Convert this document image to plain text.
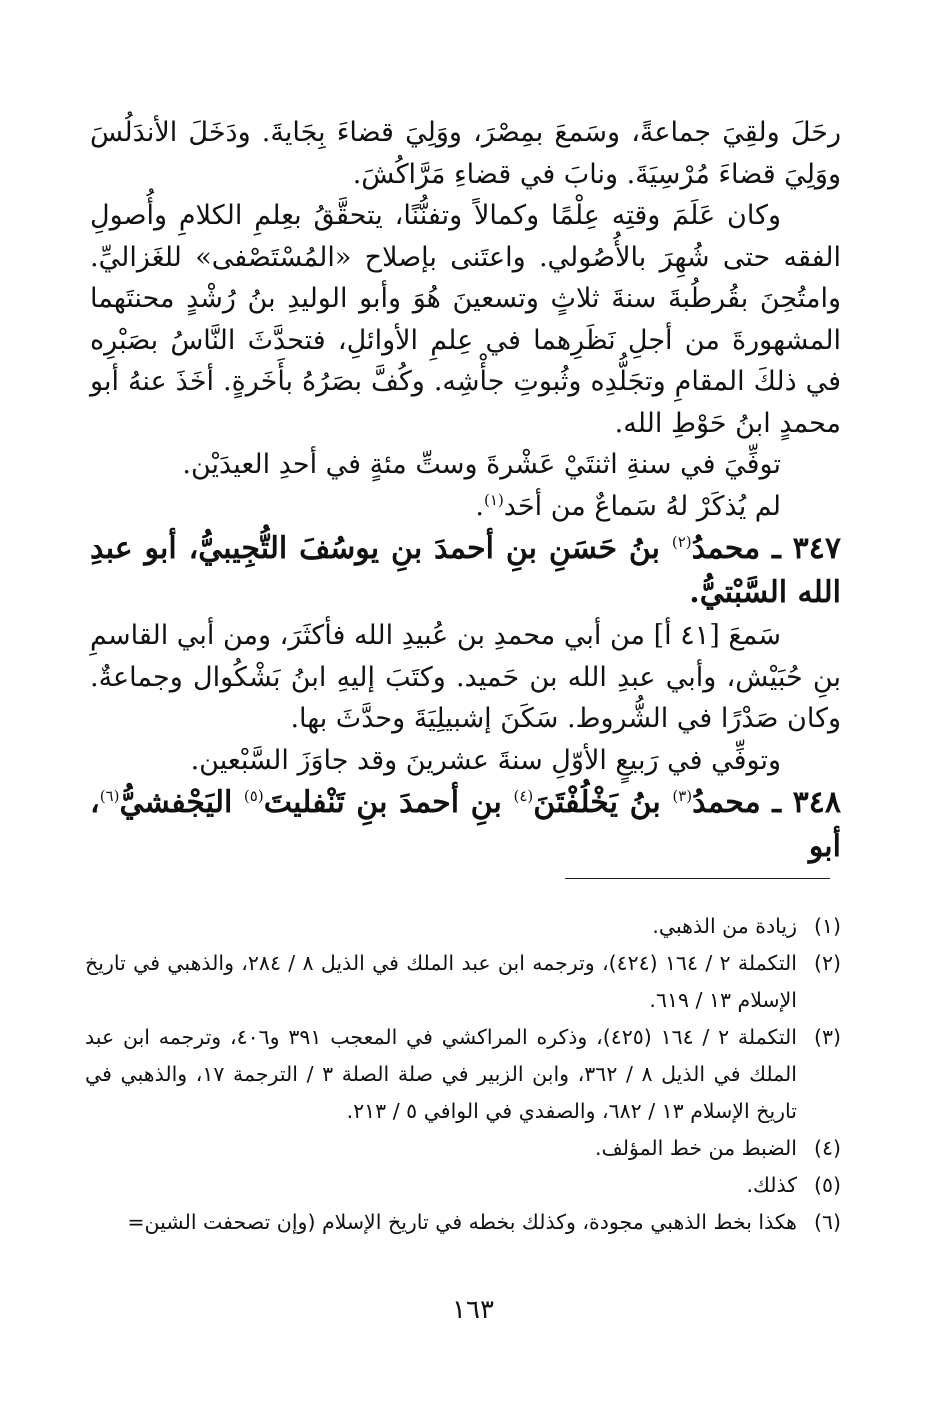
رحَلَ ولقِيَ جماعةً، وسَمعَ بمِصْرَ، ووَلِيَ قضاءَ بِجَايةَ. ودَخَلَ الأندَلُسَ ووَلِيَ قضاءَ مُرْسِيَةَ. ونابَ في قضاءِ مَرَّاكُشَ.

وكان عَلَمَ وقتِه عِلْمًا وكمالاً وتفنُّنًا، يتحقَّقُ بعِلمِ الكلامِ وأُصولِ الفقه حتى شُهِرَ بالأُصُولي. واعتَنى بإصلاح «المُسْتَصْفى» للغَزاليِّ. وامتُحِنَ بقُرطُبةَ سنةَ ثلاثٍ وتسعينَ هُوَ وأبو الوليدِ بنُ رُشْدٍ محنتَهما المشهورةَ من أجلِ نَظَرِهما في عِلمِ الأوائلِ، فتحدَّثَ النَّاسُ بصَبْرِه في ذلكَ المقامِ وتجَلُّدِه وثُبوتِ جأْشِه. وكُفَّ بصَرُهُ بأَخَرةٍ. أخَذَ عنهُ أبو محمدٍ ابنُ حَوْطِ الله.

توفِّيَ في سنةِ اثنتَيْ عَشْرةَ وستِّ مئةٍ في أحدِ العيدَيْن.

لم يُذكَرْ لهُ سَماعٌ من أحَد$^{(١)}$.

٣٤٧ ـ محمدُ$^{(٢)}$ بنُ حَسَنِ بنِ أحمدَ بنِ يوسُفَ التُّجِيبيُّ، أبو عبدِ الله السَّبْتيُّ.

سَمعَ [٤١ أ] من أبي محمدِ بن عُبيدِ الله فأكثَرَ، ومن أبي القاسمِ بنِ حُبَيْش، وأبي عبدِ الله بن حَميد. وكتَبَ إليهِ ابنُ بَشْكُوال وجماعةٌ. وكان صَدْرًا في الشُّروط. سَكَنَ إشبيلِيَةَ وحدَّثَ بها.

وتوفِّي في رَبيعٍ الأوّلِ سنةَ عشرينَ وقد جاوَزَ السَّبْعين.

٣٤٨ ـ محمدُ$^{(٣)}$ بنُ يَخْلُفْتَنَ$^{(٤)}$ بنِ أحمدَ بنِ تَنْفليتَ$^{(٥)}$ اليَجْفشيُّ$^{(٦)}$، أبو

(١)
زيادة من الذهبي.
(٢)
التكملة ٢ / ١٦٤ (٤٢٤)، وترجمه ابن عبد الملك في الذيل ٨ / ٢٨٤، والذهبي في تاريخ الإسلام ١٣ / ٦١٩.
(٣)
التكملة ٢ / ١٦٤ (٤٢٥)، وذكره المراكشي في المعجب ٣٩١ و٤٠٦، وترجمه ابن عبد الملك في الذيل ٨ / ٣٦٢، وابن الزبير في صلة الصلة ٣ / الترجمة ١٧، والذهبي في تاريخ الإسلام ١٣ / ٦٨٢، والصفدي في الوافي ٥ / ٢١٣.
(٤)
الضبط من خط المؤلف.
(٥)
كذلك.
(٦)
هكذا بخط الذهبي مجودة، وكذلك بخطه في تاريخ الإسلام (وإن تصحفت الشين=
١٦٣
